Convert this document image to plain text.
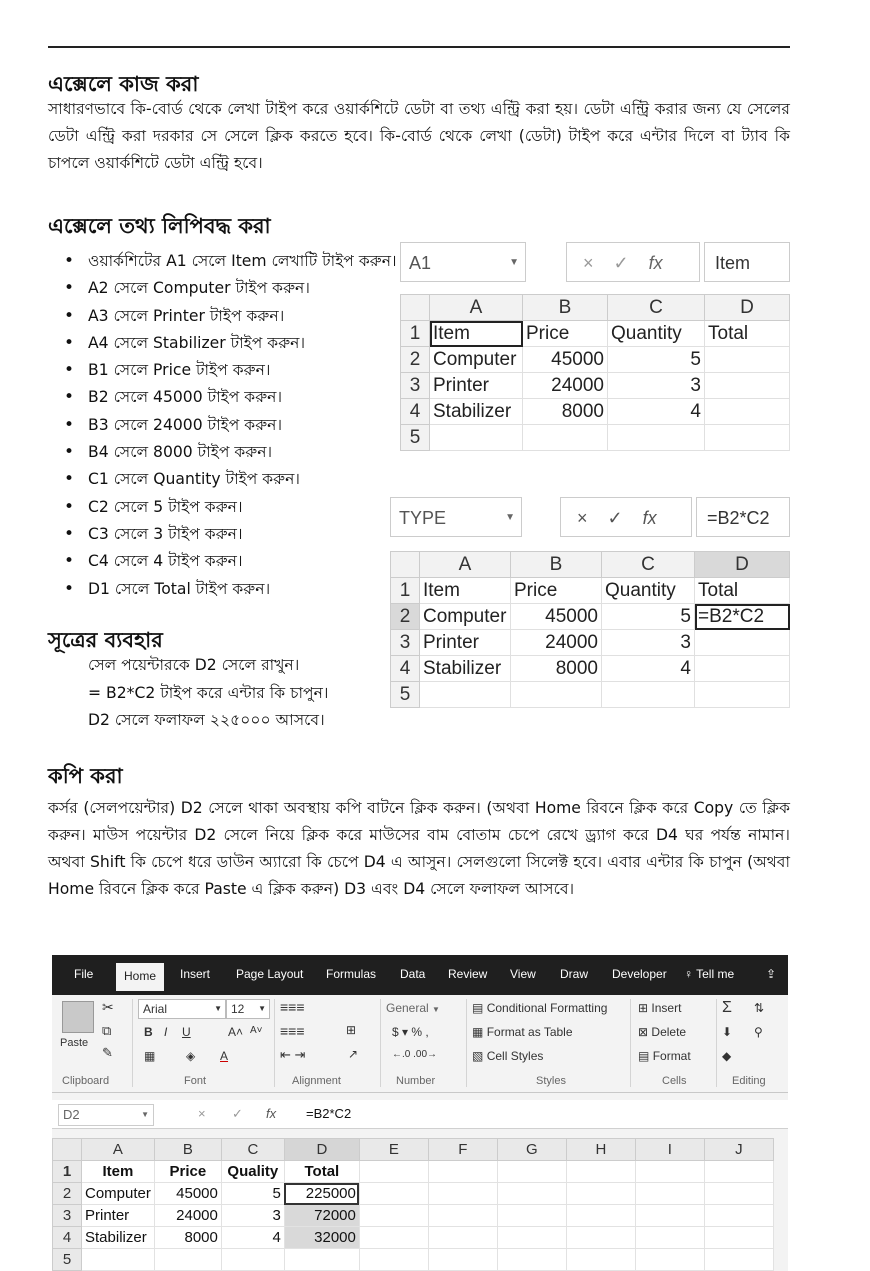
এক্সেলে কাজ করা

সাধারণভাবে কি-বোর্ড থেকে লেখা টাইপ করে ওয়ার্কশিটে ডেটা বা তথ্য এন্ট্রি করা হয়। ডেটা এন্ট্রি করার জন্য যে সেলের ডেটা এন্ট্রি করা দরকার সে সেলে ক্লিক করতে হবে। কি-বোর্ড থেকে লেখা (ডেটা) টাইপ করে এন্টার দিলে বা ট্যাব কি চাপলে ওয়ার্কশিটে ডেটা এন্ট্রি হবে।

এক্সেলে তথ্য লিপিবদ্ধ করা
• ওয়ার্কশিটের A1 সেলে Item লেখাটি টাইপ করুন।
• A2 সেলে Computer টাইপ করুন।
• A3 সেলে Printer টাইপ করুন।
• A4 সেলে Stabilizer টাইপ করুন।
• B1 সেলে Price টাইপ করুন।
• B2 সেলে 45000 টাইপ করুন।
• B3 সেলে 24000 টাইপ করুন।
• B4 সেলে 8000 টাইপ করুন।
• C1 সেলে Quantity টাইপ করুন।
• C2 সেলে 5 টাইপ করুন।
• C3 সেলে 3 টাইপ করুন।
• C4 সেলে 4 টাইপ করুন।
• D1 সেলে Total টাইপ করুন।
সূত্রের ব্যবহার
সেল পয়েন্টারকে D2 সেলে রাখুন।
= B2*C2 টাইপ করে এন্টার কি চাপুন।
D2 সেলে ফলাফল ২২৫০০০ আসবে।
A1	▼	× ✓ fx	Item
	A	B	C	D
1	Item	Price	Quantity	Total
2	Computer	45000	5	
3	Printer	24000	3	
4	Stabilizer	8000	4	
5				
TYPE	▼	× ✓ fx	=B2*C2
	A	B	C	D
1	Item	Price	Quantity	Total
2	Computer	45000	5	=B2*C2
3	Printer	24000	3	
4	Stabilizer	8000	4	
5				
কপি করা

কর্সর (সেলপয়েন্টার) D2 সেলে থাকা অবস্থায় কপি বাটনে ক্লিক করুন। (অথবা Home রিবনে ক্লিক করে Copy তে ক্লিক করুন। মাউস পয়েন্টার D2 সেলে নিয়ে ক্লিক করে মাউসের বাম বোতাম চেপে রেখে ড্র্যাগ করে D4 ঘর পর্যন্ত নামান। অথবা Shift কি চেপে ধরে ডাউন অ্যারো কি চেপে D4 এ আসুন। সেলগুলো সিলেক্ট হবে। এবার এন্টার কি চাপুন (অথবা Home রিবনে ক্লিক করে Paste এ ক্লিক করুন) D3 এবং D4 সেলে ফলাফল আসবে।

File	Home	Insert Page Layout Formulas Data Review View Draw Developer ♀ Tell me	⇪
Paste
✂
⧉
✎
Clipboard
Arial	▼ 12 ▼
B I U	A˄ A˅
▦	◈ A
Font
≡≡≡
≡≡≡
⇤ ⇥	↗
⊞
Alignment
General ▼
$ ▾ % ,
←.0 .00→
Number
▤ Conditional Formatting
▦ Format as Table
▧ Cell Styles
Styles
⊞ Insert
⊠ Delete
▤ Format
Cells
Σ ⇅
⬇ ⚲
◆
Editing
D2	▼	× ✓ fx =B2*C2
	A	B	C	D	E	F	G	H	I	J
1	Item	Price	Quality	Total						
2	Computer	45000	5	225000						
3	Printer	24000	3	72000						
4	Stabilizer	8000	4	32000						
5										
